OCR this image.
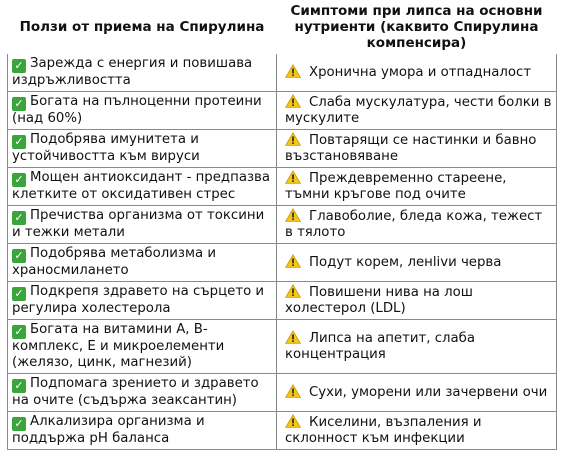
Ползи от приема на Спирулина	Симптоми при липса на основни нутриенти (каквито Спирулина компенсира)
✓ Зарежда с енергия и повишава издръжливостта	Хронична умора и отпадналост
✓ Богата на пълноценни протеини (над 60%)	Слаба мускулатура, чести болки в мускулите
✓ Подобрява имунитета и устойчивостта към вируси	Повтарящи се настинки и бавно възстановяване
✓ Мощен антиоксидант - предпазва клетките от оксидативен стрес	Преждевременно стареене, тъмни кръгове под очите
✓ Пречиства организма от токсини и тежки метали	Главоболие, бледа кожа, тежест в тялото
✓ Подобрява метаболизма и храносмилането	Подут корем, ленlivи черва
✓ Подкрепя здравето на сърцето и регулира холестерола	Повишени нива на лош холестерол (LDL)
✓ Богата на витамини A, B-комплекс, E и микроелементи (желязо, цинк, магнезий)	Липса на апетит, слаба концентрация
✓ Подпомага зрението и здравето на очите (съдържа зеаксантин)	Сухи, уморени или зачервени очи
✓ Алкализира организма и поддържа pH баланса	Киселини, възпаления и склонност към инфекции
